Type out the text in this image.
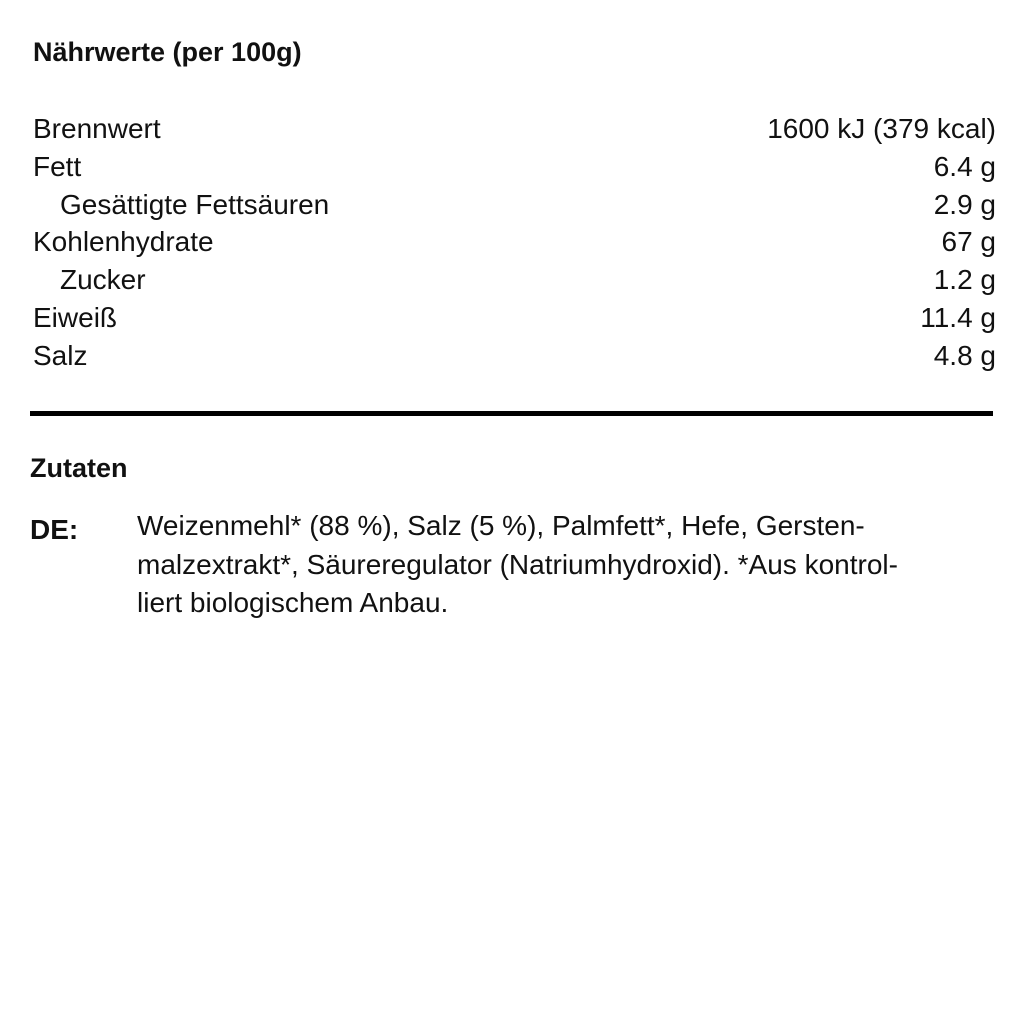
Nährwerte (per 100g)
Brennwert	1600 kJ (379 kcal)
Fett	6.4 g
Gesättigte Fettsäuren	2.9 g
Kohlenhydrate	67 g
Zucker	1.2 g
Eiweiß	11.4 g
Salz	4.8 g
Zutaten
DE: Weizenmehl* (88 %), Salz (5 %), Palmfett*, Hefe, Gersten-
malzextrakt*, Säureregulator (Natriumhydroxid). *Aus kontrol-
liert biologischem Anbau.
